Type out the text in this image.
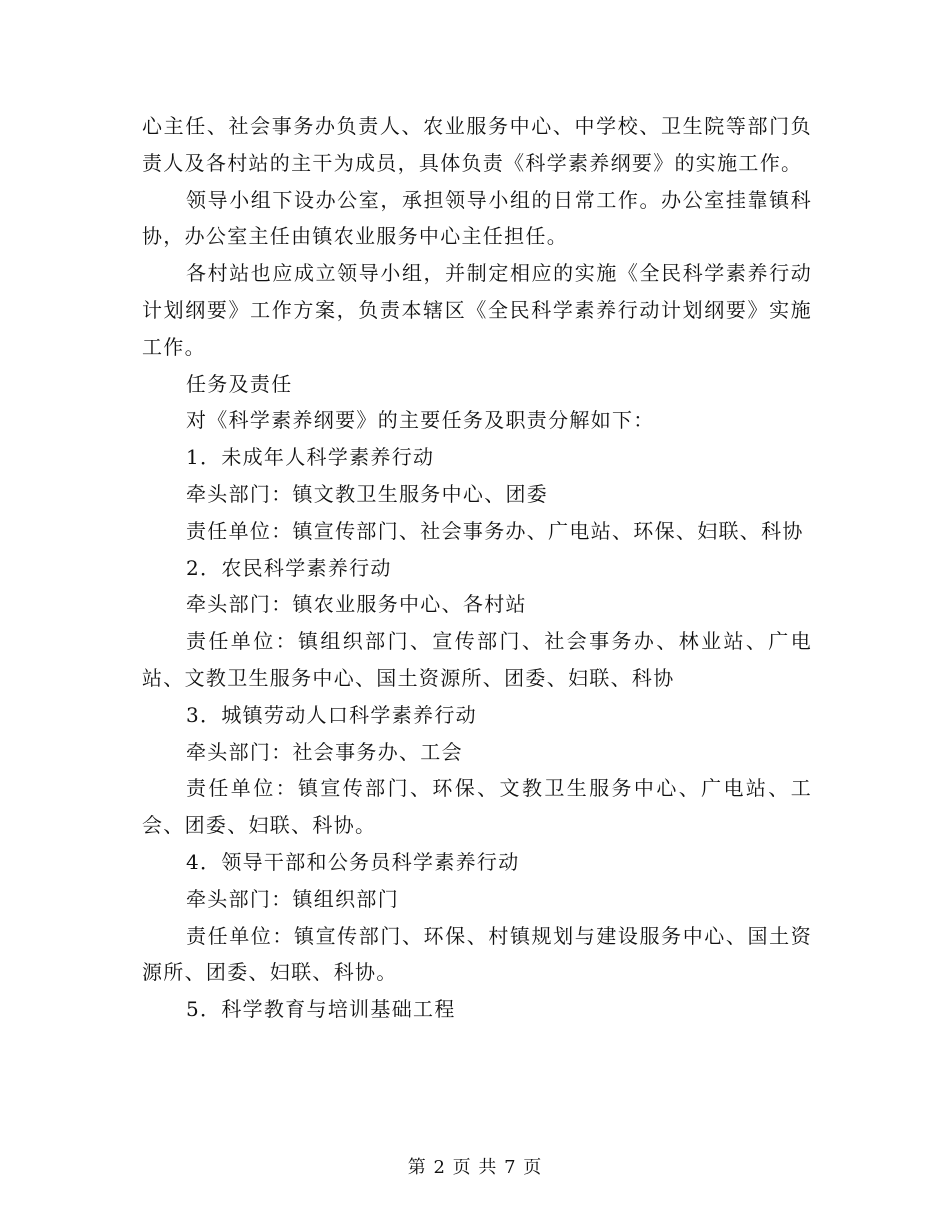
心主任、社会事务办负责人、农业服务中心、中学校、卫生院等部门负责人及各村站的主干为成员，具体负责《科学素养纲要》的实施工作。

领导小组下设办公室，承担领导小组的日常工作。办公室挂靠镇科协，办公室主任由镇农业服务中心主任担任。

各村站也应成立领导小组，并制定相应的实施《全民科学素养行动计划纲要》工作方案，负责本辖区《全民科学素养行动计划纲要》实施工作。

任务及责任

对《科学素养纲要》的主要任务及职责分解如下：

1．未成年人科学素养行动

牵头部门：镇文教卫生服务中心、团委

责任单位：镇宣传部门、社会事务办、广电站、环保、妇联、科协

2．农民科学素养行动

牵头部门：镇农业服务中心、各村站

责任单位：镇组织部门、宣传部门、社会事务办、林业站、广电站、文教卫生服务中心、国土资源所、团委、妇联、科协

3．城镇劳动人口科学素养行动

牵头部门：社会事务办、工会

责任单位：镇宣传部门、环保、文教卫生服务中心、广电站、工会、团委、妇联、科协。

4．领导干部和公务员科学素养行动

牵头部门：镇组织部门

责任单位：镇宣传部门、环保、村镇规划与建设服务中心、国土资源所、团委、妇联、科协。

5．科学教育与培训基础工程

第 2 页 共 7 页
